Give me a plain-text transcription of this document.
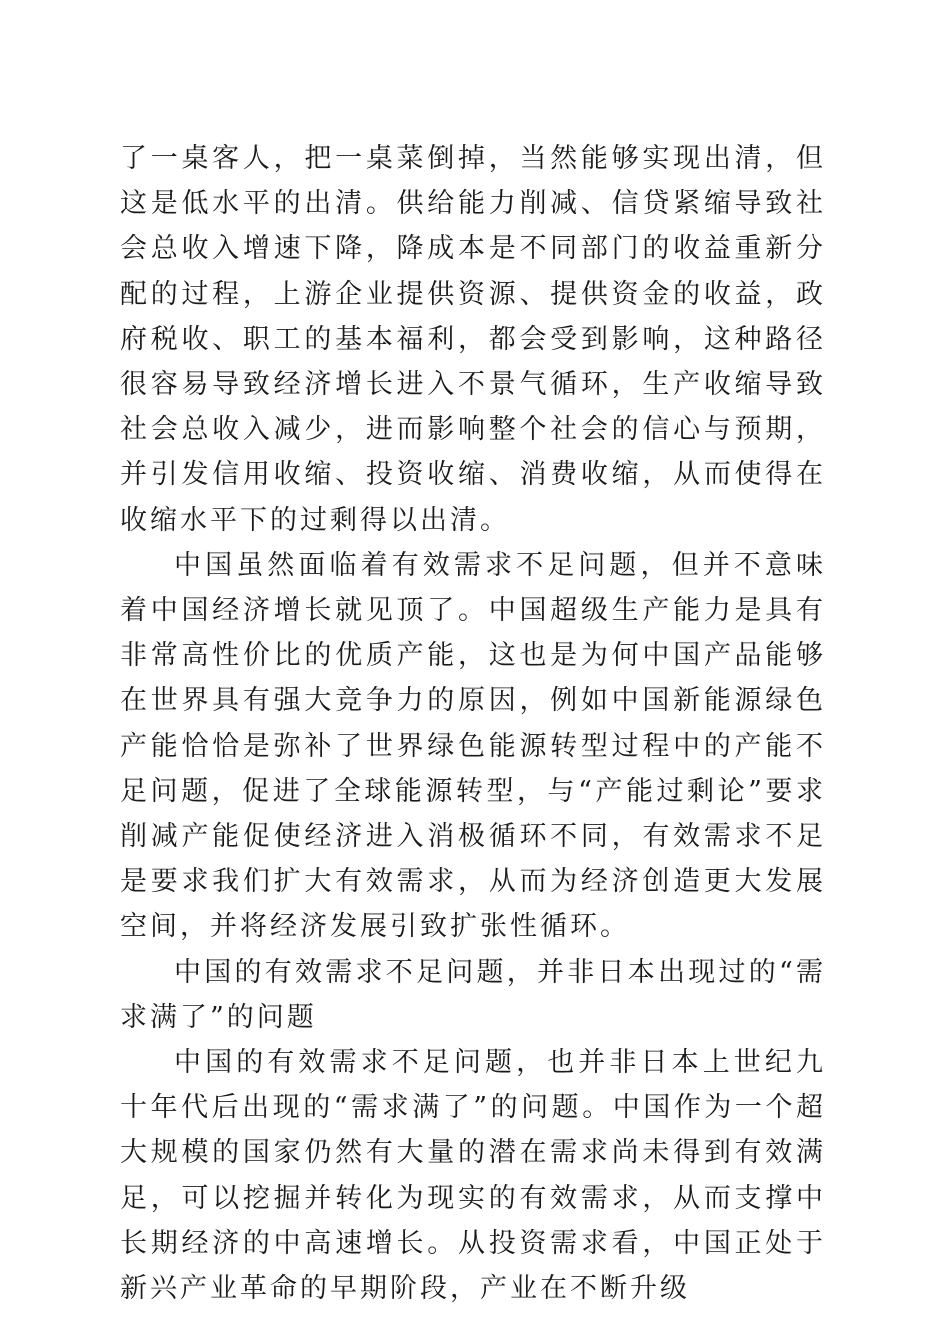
了一桌客人，把一桌菜倒掉，当然能够实现出清，但这是低水平的出清。供给能力削减、信贷紧缩导致社会总收入增速下降，降成本是不同部门的收益重新分配的过程，上游企业提供资源、提供资金的收益，政府税收、职工的基本福利，都会受到影响，这种路径很容易导致经济增长进入不景气循环，生产收缩导致社会总收入减少，进而影响整个社会的信心与预期，并引发信用收缩、投资收缩、消费收缩，从而使得在收缩水平下的过剩得以出清。

中国虽然面临着有效需求不足问题，但并不意味着中国经济增长就见顶了。中国超级生产能力是具有非常高性价比的优质产能，这也是为何中国产品能够在世界具有强大竞争力的原因，例如中国新能源绿色产能恰恰是弥补了世界绿色能源转型过程中的产能不足问题，促进了全球能源转型，与“产能过剩论”要求削减产能促使经济进入消极循环不同，有效需求不足是要求我们扩大有效需求，从而为经济创造更大发展空间，并将经济发展引致扩张性循环。

中国的有效需求不足问题，并非日本出现过的“需求满了”的问题

中国的有效需求不足问题，也并非日本上世纪九十年代后出现的“需求满了”的问题。中国作为一个超大规模的国家仍然有大量的潜在需求尚未得到有效满足，可以挖掘并转化为现实的有效需求，从而支撑中长期经济的中高速增长。从投资需求看，中国正处于新兴产业革命的早期阶段，产业在不断升级
